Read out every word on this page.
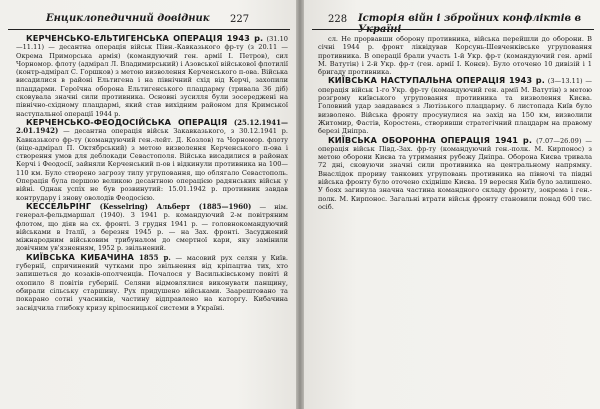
Енциклопедичний довідник 227

КЕРЧЕНСЬКО-ЕЛЬТИГЕНСЬКА ОПЕРАЦІЯ 1943 р. (31.10—11.11) — десантна операція військ Півн.-Кавказького фр-ту (з 20.11 — Окрема Приморська армія) (командуючий ген. армії І. Петров), сил Чорномор. флоту (адмірал Л. Владимирський) і Азовської військової флотилії (контр-адмірал С. Горшков) з метою визволення Керченського п-ова. Війська висадилися в районі Ельтигена і на північний схід від Керчі, захопили плацдарми. Героїчна оборона Ельтигенського плацдарму (тривала 36 діб) сковувала значні сили противника. Основні зусилля були зосереджені на північно-східному плацдармі, який став вихідним районом для Кримської наступальної операції 1944 р.

КЕРЧЕНСЬКО-ФЕОДОСІЙСЬКА ОПЕРАЦІЯ (25.12.1941—2.01.1942) — десантна операція військ Закавказького, з 30.12.1941 р. Кавказького фр-ту (командуючий ген.-лейт. Д. Козлов) та Чорномор. флоту (віце-адмірал П. Октябрський) з метою визволення Керченського п-ова і створення умов для деблокади Севастополя. Війська висадилися в районах Керчі і Феодосії, зайняли Керченський п-ов і відкинули противника на 100—110 км. Було створено загрозу тилу угруповання, що облягало Севастополь. Операція була першою великою десантною операцією радянських військ у війні. Однак успіх не був розвинутий: 15.01.1942 р. противник завдав контрудару і знову оволодів Феодосією.

КЕССЕЛЬРІНГ (Kesselring) Альберт (1885—1960) — нім. генерал-фельдмаршал (1940). З 1941 р. командуючий 2-м повітряним флотом, що діяв на сх. фронті. З грудня 1941 р. — головнокомандуючий військами в Італії, з березня 1945 р. — на Зах. фронті. Засуджений міжнародним військовим трибуналом до смертної кари, яку замінили довічним ув'язненням, 1952 р. звільнений.

КИЇВСЬКА КИБАЧИНА 1855 р. — масовий рух селян у Київ. губернії, спричинений чутками про звільнення від кріпацтва тих, хто запишеться до козаків-ополченців. Почалося у Васильківському повіті й охопило 8 повітів губернії. Селяни відмовлялися виконувати панщину, обирали сільську старшину. Рух придушено військами. Заарештовано та покарано сотні учасників, частину відправлено на каторгу. Кибачина засвідчила глибоку кризу кріпосницької системи в Україні.

228 Історія війн і збройних конфліктів в

сл. Не прорвавши оборону противника, війська перейшли до оборони. В січні 1944 р. фронт ліквідував Корсунь-Шевченківське угруповання противника. В операції брали участь 1-й Укр. фр-т (командуючий ген. армії М. Ватутін) і 2-й Укр. фр-т (ген. армії І. Конєв). Було оточено 10 дивізій і 1 бригаду противника.

КИЇВСЬКА НАСТУПАЛЬНА ОПЕРАЦІЯ 1943 р. (3—13.11) — операція військ 1-го Укр. фр-ту (командуючий ген. армії М. Ватутін) з метою розгрому київського угруповання противника та визволення Києва. Головний удар завдавався з Лютізького плацдарму. 6 листопада Київ було визволено. Війська фронту просунулися на захід на 150 км, визволили Житомир, Фастів, Коростень, створивши стратегічний плацдарм на правому березі Дніпра.

КИЇВСЬКА ОБОРОННА ОПЕРАЦІЯ 1941 р. (7.07—26.09) — операція військ Півд.-Зах. фр-ту (командуючий ген.-полк. М. Кирпонос) з метою оборони Києва та утримання рубежу Дніпра. Оборона Києва тривала 72 дні, сковуючи значні сили противника на центральному напрямку. Внаслідок прориву танкових угруповань противника на півночі та півдні війська фронту було оточено східніше Києва. 19 вересня Київ було залишено. У боях загинула значна частина командного складу фронту, зокрема і ген.-полк. М. Кирпонос. Загальні втрати військ фронту становили понад 600 тис. осіб.
